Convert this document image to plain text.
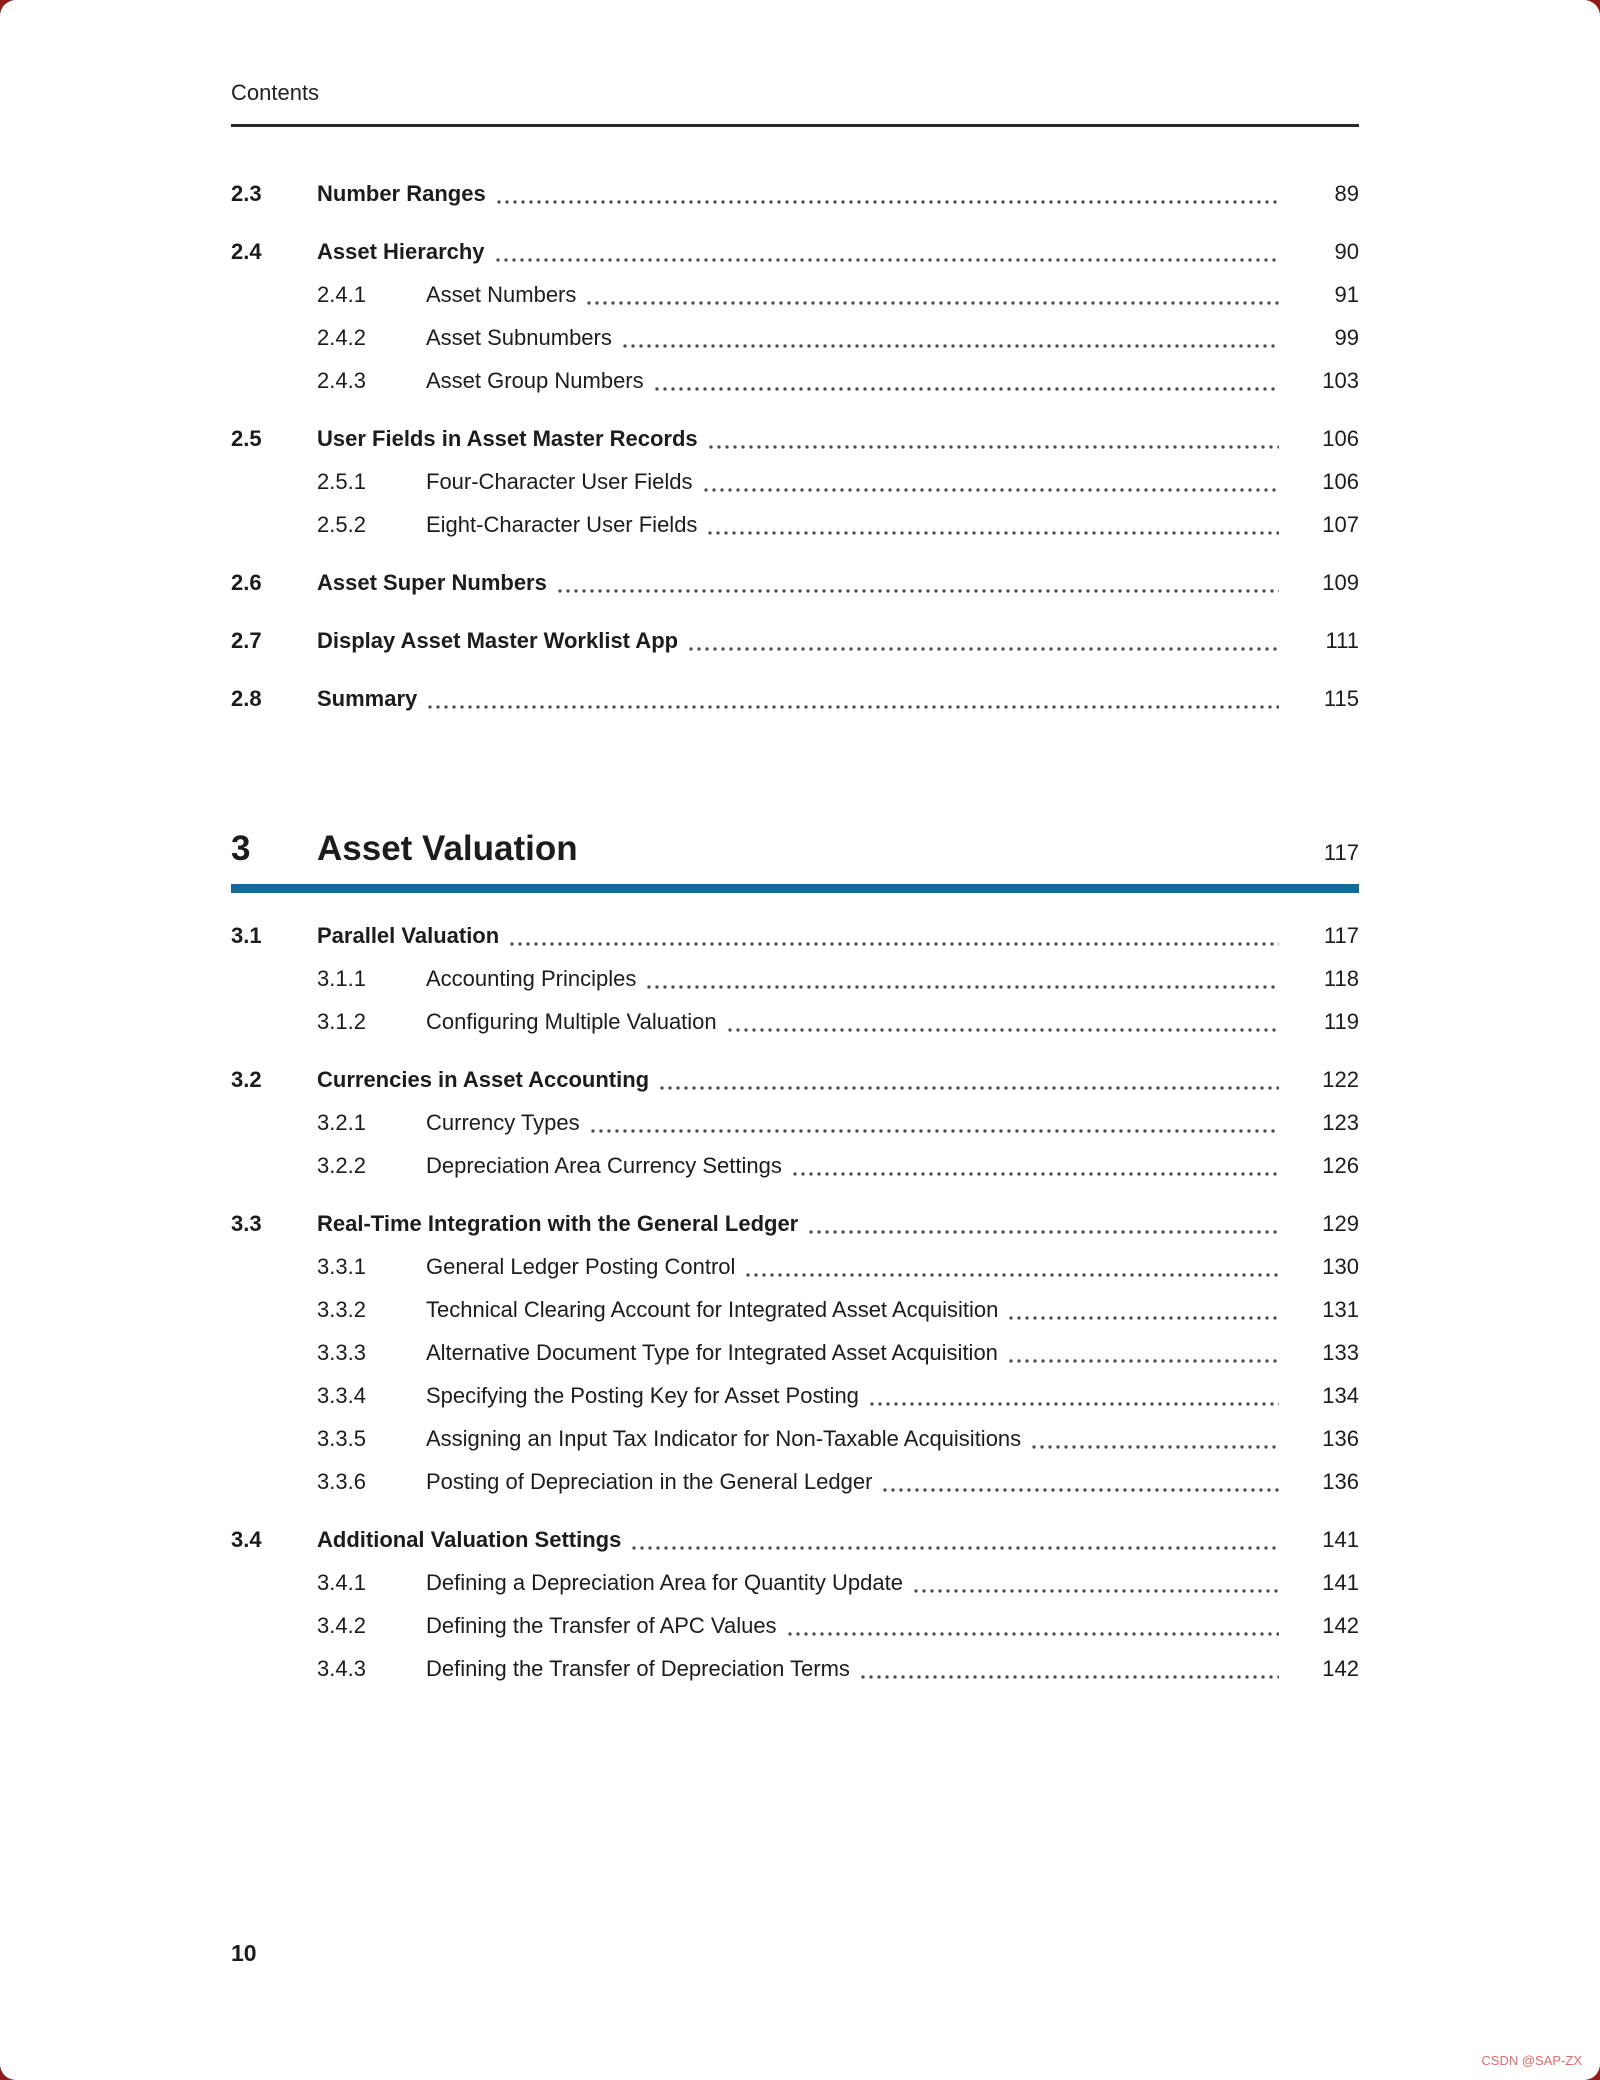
Contents
2.3	Number Ranges	89
2.4	Asset Hierarchy	90
2.4.1	Asset Numbers	91
2.4.2	Asset Subnumbers	99
2.4.3	Asset Group Numbers	103
2.5	User Fields in Asset Master Records	106
2.5.1	Four-Character User Fields	106
2.5.2	Eight-Character User Fields	107
2.6	Asset Super Numbers	109
2.7	Display Asset Master Worklist App	111
2.8	Summary	115
3	Asset Valuation	117
3.1	Parallel Valuation	117
3.1.1	Accounting Principles	118
3.1.2	Configuring Multiple Valuation	119
3.2	Currencies in Asset Accounting	122
3.2.1	Currency Types	123
3.2.2	Depreciation Area Currency Settings	126
3.3	Real-Time Integration with the General Ledger	129
3.3.1	General Ledger Posting Control	130
3.3.2	Technical Clearing Account for Integrated Asset Acquisition	131
3.3.3	Alternative Document Type for Integrated Asset Acquisition	133
3.3.4	Specifying the Posting Key for Asset Posting	134
3.3.5	Assigning an Input Tax Indicator for Non-Taxable Acquisitions	136
3.3.6	Posting of Depreciation in the General Ledger	136
3.4	Additional Valuation Settings	141
3.4.1	Defining a Depreciation Area for Quantity Update	141
3.4.2	Defining the Transfer of APC Values	142
3.4.3	Defining the Transfer of Depreciation Terms	142
10
CSDN @SAP-ZX
